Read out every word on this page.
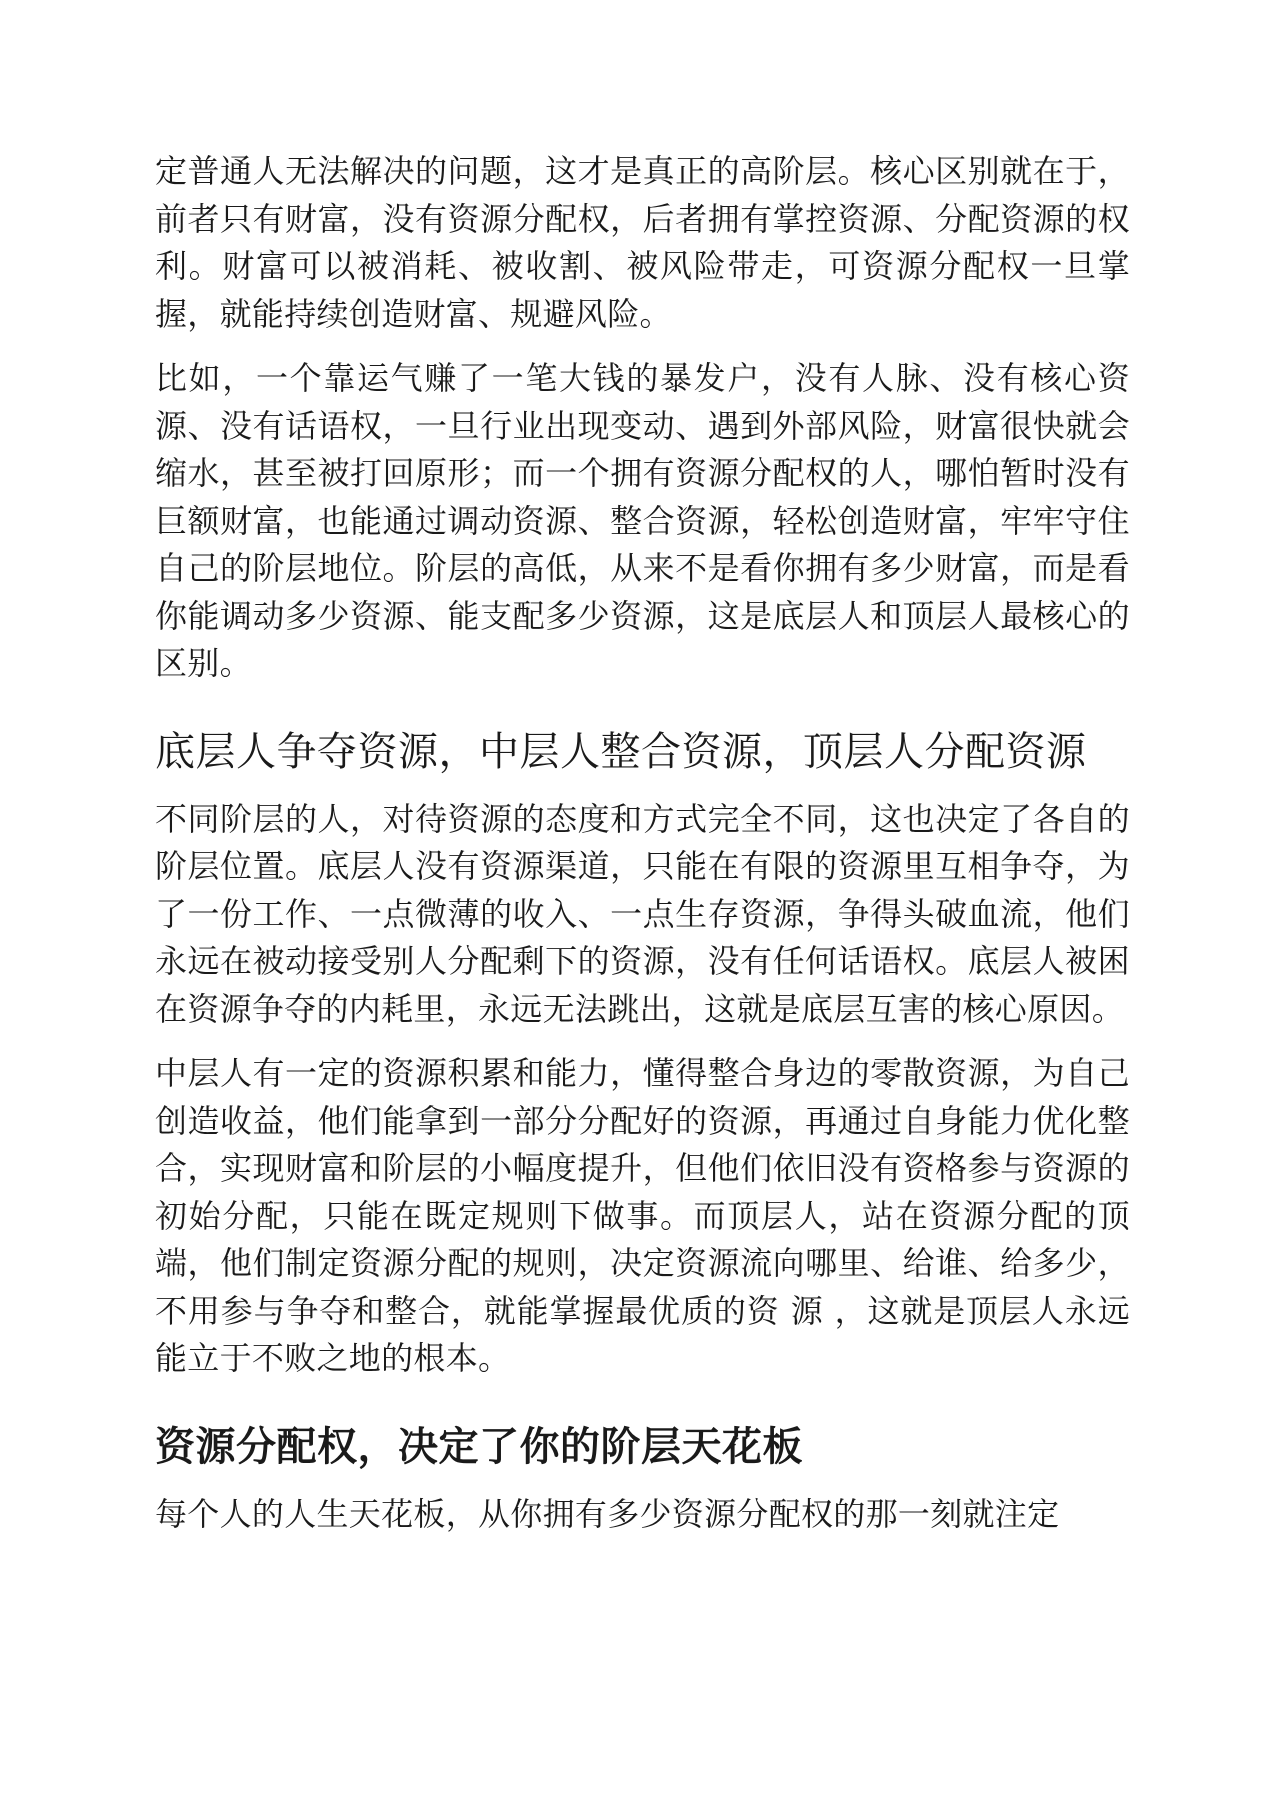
定普通人无法解决的问题，这才是真正的高阶层。核心区别就在于，前者只有财富，没有资源分配权，后者拥有掌控资源、分配资源的权利。财富可以被消耗、被收割、被风险带走，可资源分配权一旦掌握，就能持续创造财富、规避风险。

比如，一个靠运气赚了一笔大钱的暴发户，没有人脉、没有核心资源、没有话语权，一旦行业出现变动、遇到外部风险，财富很快就会缩水，甚至被打回原形；而一个拥有资源分配权的人，哪怕暂时没有巨额财富，也能通过调动资源、整合资源，轻松创造财富，牢牢守住自己的阶层地位。阶层的高低，从来不是看你拥有多少财富，而是看你能调动多少资源、能支配多少资源，这是底层人和顶层人最核心的区别。

底层人争夺资源，中层人整合资源，顶层人分配资源

不同阶层的人，对待资源的态度和方式完全不同，这也决定了各自的阶层位置。底层人没有资源渠道，只能在有限的资源里互相争夺，为了一份工作、一点微薄的收入、一点生存资源，争得头破血流，他们永远在被动接受别人分配剩下的资源，没有任何话语权。底层人被困在资源争夺的内耗里，永远无法跳出，这就是底层互害的核心原因。

中层人有一定的资源积累和能力，懂得整合身边的零散资源，为自己创造收益，他们能拿到一部分分配好的资源，再通过自身能力优化整合，实现财富和阶层的小幅度提升，但他们依旧没有资格参与资源的初始分配，只能在既定规则下做事。而顶层人，站在资源分配的顶端，他们制定资源分配的规则，决定资源流向哪里、给谁、给多少，不用参与争夺和整合，就能掌握最优质的资 源 ，这就是顶层人永远能立于不败之地的根本。

资源分配权，决定了你的阶层天花板

每个人的人生天花板，从你拥有多少资源分配权的那一刻就注定
